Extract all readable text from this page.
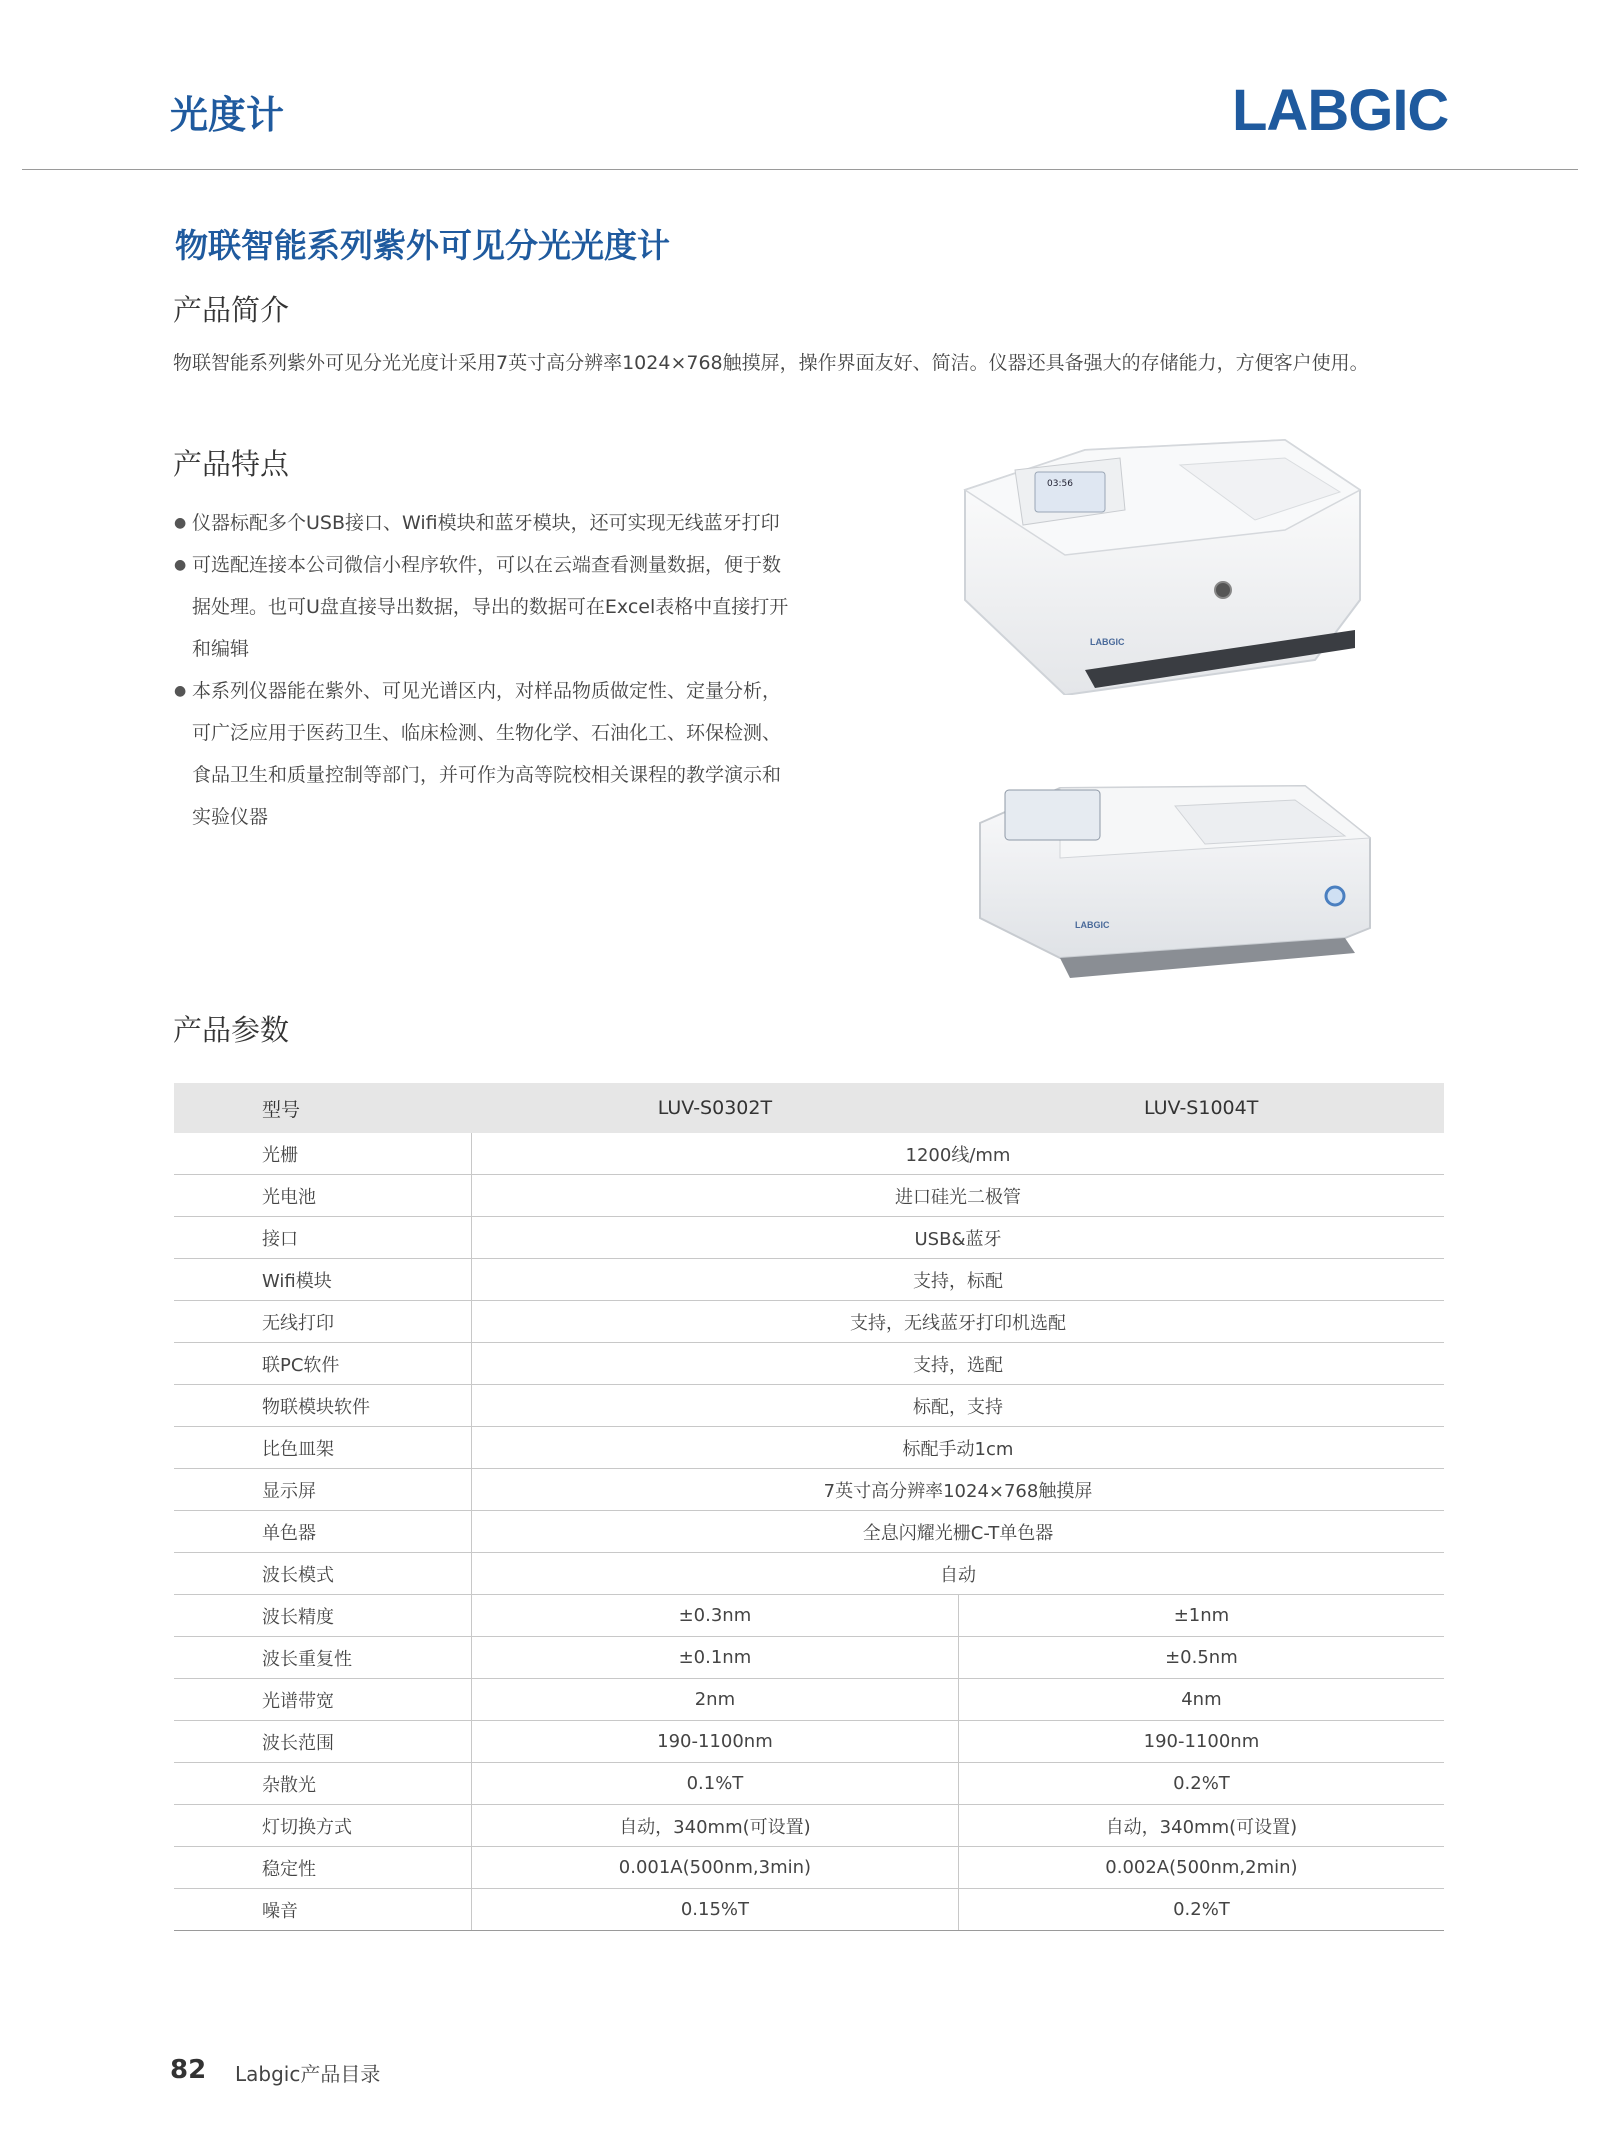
光度计	LABGIC
物联智能系列紫外可见分光光度计
产品简介
物联智能系列紫外可见分光光度计采用7英寸高分辨率1024×768触摸屏，操作界面友好、简洁。仪器还具备强大的存储能力，方便客户使用。
产品特点
● 仪器标配多个USB接口、Wifi模块和蓝牙模块，还可实现无线蓝牙打印
● 可选配连接本公司微信小程序软件，可以在云端查看测量数据，便于数据处理。也可U盘直接导出数据，导出的数据可在Excel表格中直接打开和编辑
● 本系列仪器能在紫外、可见光谱区内，对样品物质做定性、定量分析，可广泛应用于医药卫生、临床检测、生物化学、石油化工、环保检测、食品卫生和质量控制等部门，并可作为高等院校相关课程的教学演示和实验仪器
03:56
LABGIC
LABGIC
产品参数
型号	LUV-S0302T	LUV-S1004T
光栅	1200线/mm	
光电池	进口硅光二极管	
接口	USB&蓝牙	
Wifi模块	支持，标配	
无线打印	支持，无线蓝牙打印机选配	
联PC软件	支持，选配	
物联模块软件	标配，支持	
比色皿架	标配手动1cm	
显示屏	7英寸高分辨率1024×768触摸屏	
单色器	全息闪耀光栅C-T单色器	
波长模式	自动	
波长精度	±0.3nm	±1nm
波长重复性	±0.1nm	±0.5nm
光谱带宽	2nm	4nm
波长范围	190-1100nm	190-1100nm
杂散光	0.1%T	0.2%T
灯切换方式	自动，340mm(可设置)	自动，340mm(可设置)
稳定性	0.001A(500nm,3min)	0.002A(500nm,2min)
噪音	0.15%T	0.2%T
82 Labgic产品目录
